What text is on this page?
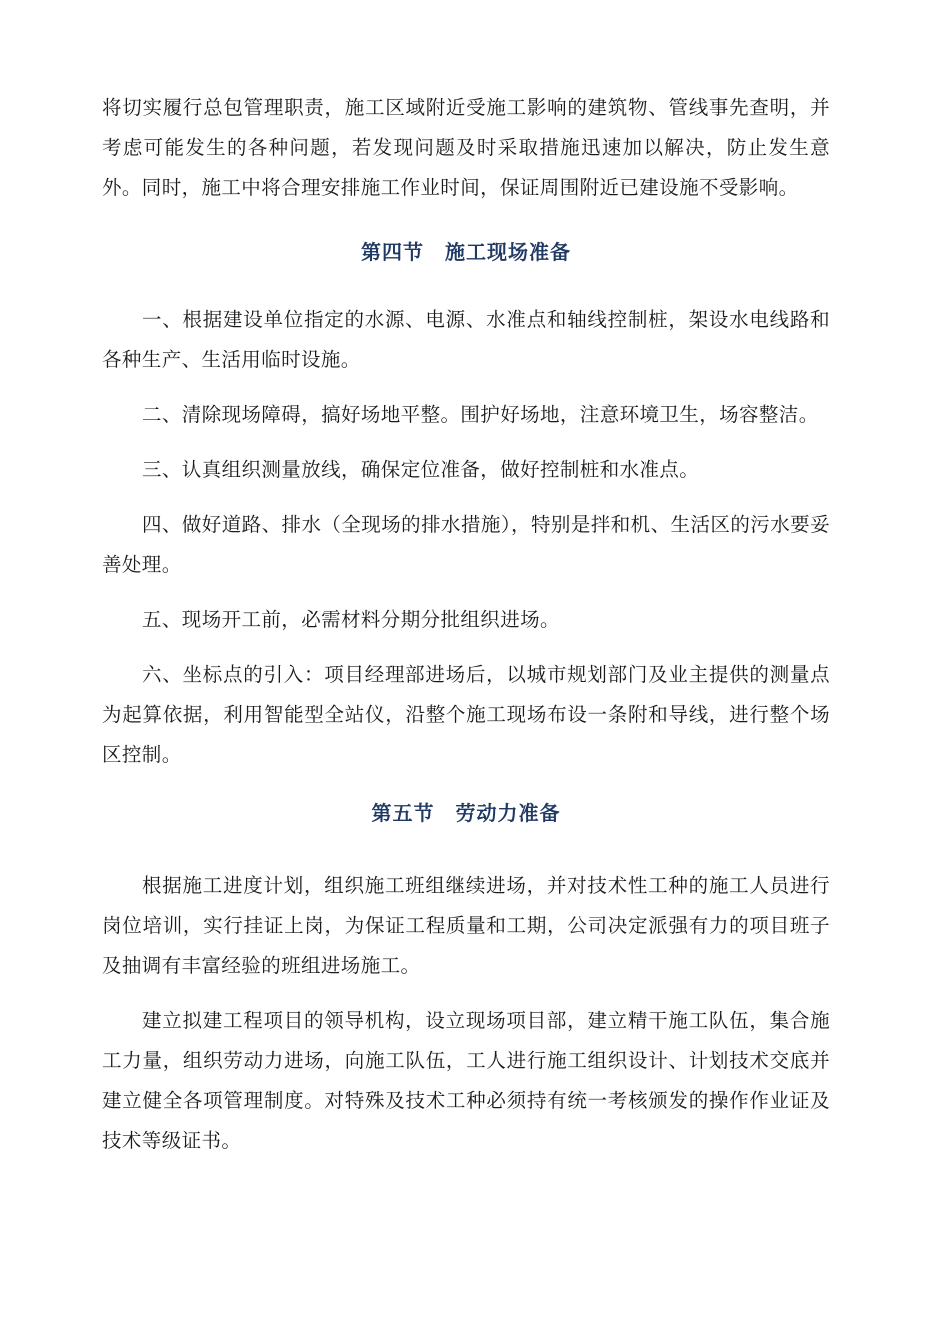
将切实履行总包管理职责，施工区域附近受施工影响的建筑物、管线事先查明，并考虑可能发生的各种问题，若发现问题及时采取措施迅速加以解决，防止发生意外。同时，施工中将合理安排施工作业时间，保证周围附近已建设施不受影响。

第四节　施工现场准备

一、根据建设单位指定的水源、电源、水准点和轴线控制桩，架设水电线路和各种生产、生活用临时设施。

二、清除现场障碍，搞好场地平整。围护好场地，注意环境卫生，场容整洁。

三、认真组织测量放线，确保定位准备，做好控制桩和水准点。

四、做好道路、排水（全现场的排水措施），特别是拌和机、生活区的污水要妥善处理。

五、现场开工前，必需材料分期分批组织进场。

六、坐标点的引入：项目经理部进场后，以城市规划部门及业主提供的测量点为起算依据，利用智能型全站仪，沿整个施工现场布设一条附和导线，进行整个场区控制。

第五节　劳动力准备

根据施工进度计划，组织施工班组继续进场，并对技术性工种的施工人员进行岗位培训，实行挂证上岗，为保证工程质量和工期，公司决定派强有力的项目班子及抽调有丰富经验的班组进场施工。

建立拟建工程项目的领导机构，设立现场项目部，建立精干施工队伍，集合施工力量，组织劳动力进场，向施工队伍，工人进行施工组织设计、计划技术交底并建立健全各项管理制度。对特殊及技术工种必须持有统一考核颁发的操作作业证及技术等级证书。
